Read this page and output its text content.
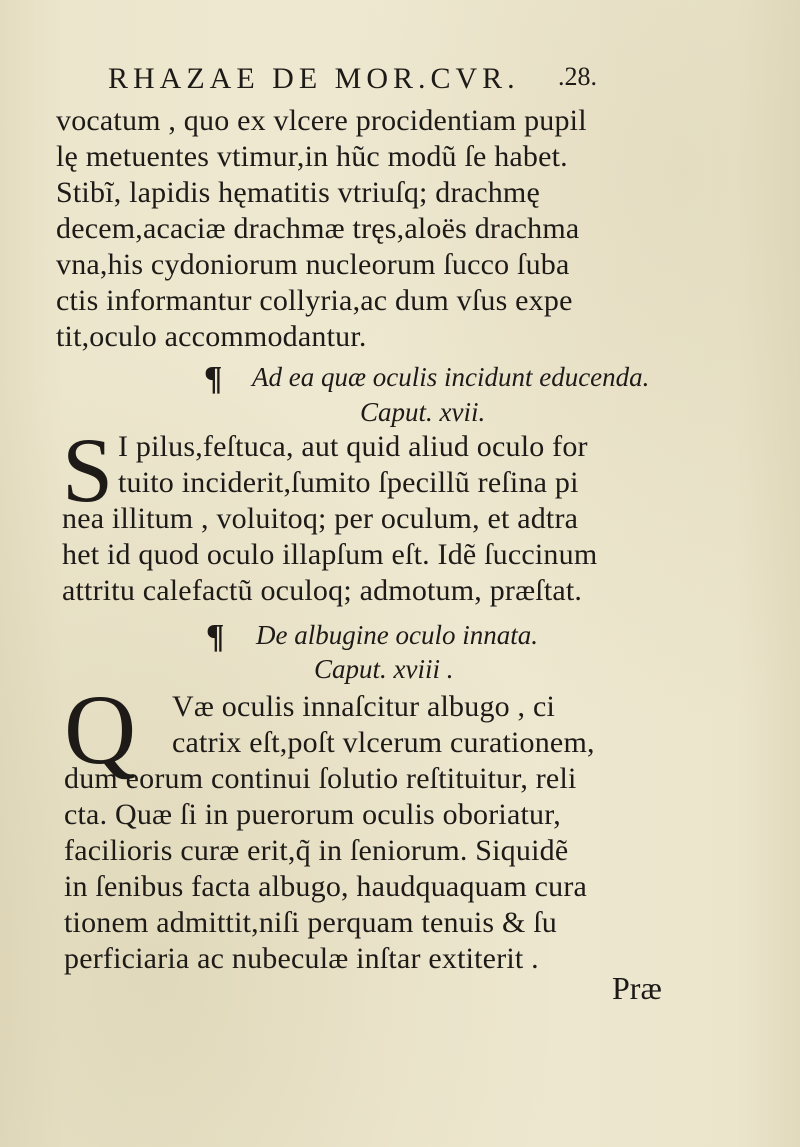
RHAZAE DE MOR.CVR. .28.
vocatum , quo ex vlcere procidentiam pupil
lę metuentes vtimur,in hũc modũ ſe habet.
Stibĩ, lapidis hęmatitis vtriuſq; drachmę
decem,acaciæ drachmæ tręs,aloës drachma
vna,his cydoniorum nucleorum ſucco ſuba
ctis informantur collyria,ac dum vſus expe
tit,oculo accommodantur.
¶ Ad ea quæ oculis incidunt educenda.
Caput. xvii.
S I pilus,feſtuca, aut quid aliud oculo for
tuito inciderit,ſumito ſpecillũ reſina pi
nea illitum , voluitoq; per oculum, et adtra
het id quod oculo illapſum eſt. Idẽ ſuccinum
attritu calefactũ oculoq; admotum, præſtat.
¶ De albugine oculo innata.
Caput. xviii .
Q Væ oculis innaſcitur albugo , ci
catrix eſt,poſt vlcerum curationem,
dum eorum continui ſolutio reſtituitur, reli
cta. Quæ ſi in puerorum oculis oboriatur,
facilioris curæ erit,q̃ in ſeniorum. Siquidẽ
in ſenibus facta albugo, haudquaquam cura
tionem admittit,niſi perquam tenuis & ſu
perficiaria ac nubeculæ inſtar extiterit .
Præ
